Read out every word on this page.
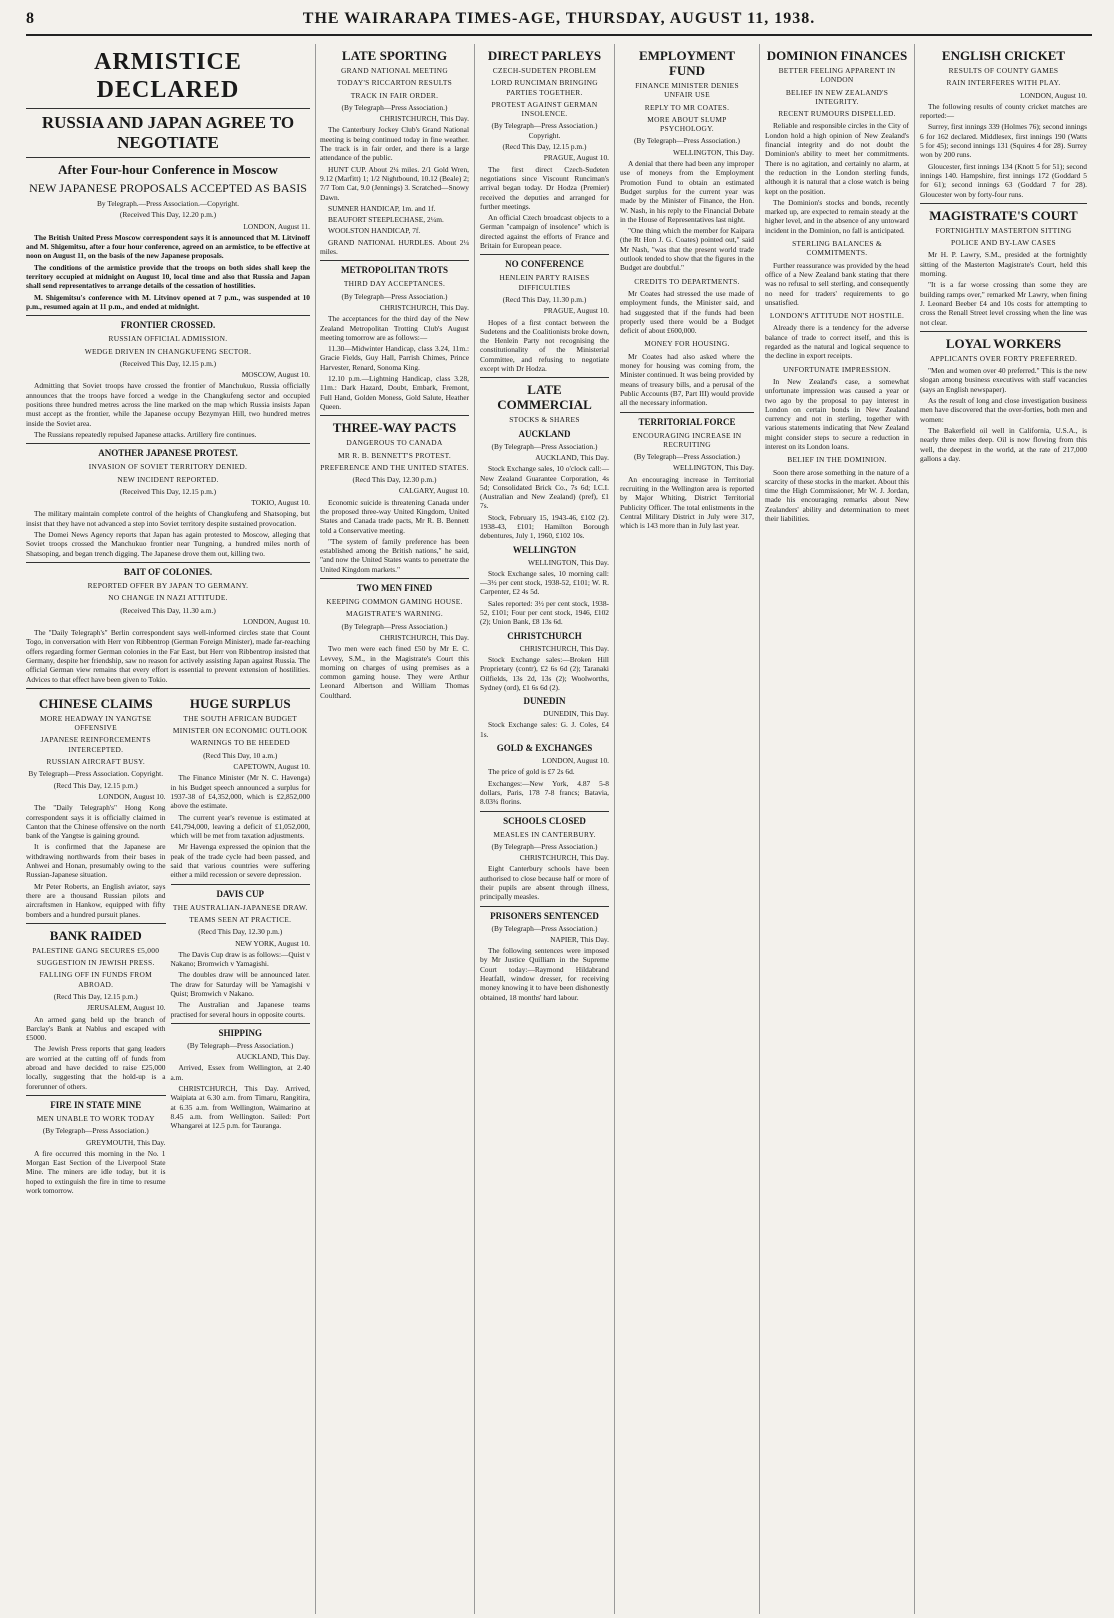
8	THE WAIRARAPA TIMES-AGE, THURSDAY, AUGUST 11, 1938.
ARMISTICE DECLARED
RUSSIA AND JAPAN AGREE TO NEGOTIATE
After Four-hour Conference in Moscow
NEW JAPANESE PROPOSALS ACCEPTED AS BASIS
By Telegraph.—Press Association.—Copyright.
(Received This Day, 12.20 p.m.)
LONDON, August 11.

The British United Press Moscow correspondent says it is announced that M. Litvinoff and M. Shigemitsu, after a four hour conference, agreed on an armistice, to be effective at noon on August 11, on the basis of the new Japanese proposals.

The conditions of the armistice provide that the troops on both sides shall keep the territory occupied at midnight on August 10, local time and also that Russia and Japan shall send representatives to arrange details of the cessation of hostilities.

M. Shigemitsu's conference with M. Litvinov opened at 7 p.m., was suspended at 10 p.m., resumed again at 11 p.m., and ended at midnight.

FRONTIER CROSSED.
RUSSIAN OFFICIAL ADMISSION.
WEDGE DRIVEN IN CHANGKUFENG SECTOR.
(Received This Day, 12.15 p.m.)
MOSCOW, August 10.

Admitting that Soviet troops have crossed the frontier of Manchukuo, Russia officially announces that the troops have forced a wedge in the Changkufeng sector and occupied positions three hundred metres across the line marked on the map which Russia insists Japan must accept as the frontier, while the Japanese occupy Bezymyan Hill, two hundred metres inside the Soviet area.

The Russians repeatedly repulsed Japanese attacks. Artillery fire continues.

ANOTHER JAPANESE PROTEST.
INVASION OF SOVIET TERRITORY DENIED.
NEW INCIDENT REPORTED.
(Received This Day, 12.15 p.m.)
TOKIO, August 10.

The military maintain complete control of the heights of Changkufeng and Shatsoping, but insist that they have not advanced a step into Soviet territory despite sustained provocation.

The Domei News Agency reports that Japan has again protested to Moscow, alleging that Soviet troops crossed the Manchukuo frontier near Tungning, a hundred miles north of Shatsoping, and began trench digging. The Japanese drove them out, killing two.

BAIT OF COLONIES.
REPORTED OFFER BY JAPAN TO GERMANY.
NO CHANGE IN NAZI ATTITUDE.
(Received This Day, 11.30 a.m.)
LONDON, August 10.

The "Daily Telegraph's" Berlin correspondent says well-informed circles state that Count Togo, in conversation with Herr von Ribbentrop (German Foreign Minister), made far-reaching offers regarding former German colonies in the Far East, but Herr von Ribbentrop insisted that Germany, despite her friendship, saw no reason for actively assisting Japan against Russia. The official German view remains that every effort is essential to prevent extension of hostilities. Advices to that effect have been given to Tokio.

CHINESE CLAIMS
MORE HEADWAY IN YANGTSE OFFENSIVE
JAPANESE REINFORCEMENTS INTERCEPTED.
RUSSIAN AIRCRAFT BUSY.
By Telegraph—Press Association. Copyright.
(Recd This Day, 12.15 p.m.)
LONDON, August 10.

The "Daily Telegraph's" Hong Kong correspondent says it is officially claimed in Canton that the Chinese offensive on the north bank of the Yangtse is gaining ground.

It is confirmed that the Japanese are withdrawing northwards from their bases in Anhwei and Honan, presumably owing to the Russian-Japanese situation.

Mr Peter Roberts, an English aviator, says there are a thousand Russian pilots and aircraftsmen in Hankow, equipped with fifty bombers and a hundred pursuit planes.

BANK RAIDED
PALESTINE GANG SECURES £5,000
SUGGESTION IN JEWISH PRESS.
FALLING OFF IN FUNDS FROM ABROAD.
(Recd This Day, 12.15 p.m.)
JERUSALEM, August 10.

An armed gang held up the branch of Barclay's Bank at Nablus and escaped with £5000.

The Jewish Press reports that gang leaders are worried at the cutting off of funds from abroad and have decided to raise £25,000 locally, suggesting that the hold-up is a forerunner of others.

FIRE IN STATE MINE
MEN UNABLE TO WORK TODAY
(By Telegraph—Press Association.)
GREYMOUTH, This Day.

A fire occurred this morning in the No. 1 Morgan East Section of the Liverpool State Mine. The miners are idle today, but it is hoped to extinguish the fire in time to resume work tomorrow.

HUGE SURPLUS
THE SOUTH AFRICAN BUDGET
MINISTER ON ECONOMIC OUTLOOK
WARNINGS TO BE HEEDED
(Recd This Day, 10 a.m.)
CAPETOWN, August 10.

The Finance Minister (Mr N. C. Havenga) in his Budget speech announced a surplus for 1937-38 of £4,352,000, which is £2,852,000 above the estimate.

The current year's revenue is estimated at £41,794,000, leaving a deficit of £1,052,000, which will be met from taxation adjustments.

Mr Havenga expressed the opinion that the peak of the trade cycle had been passed, and said that various countries were suffering either a mild recession or severe depression.

DAVIS CUP
THE AUSTRALIAN-JAPANESE DRAW.
TEAMS SEEN AT PRACTICE.
(Recd This Day, 12.30 p.m.)
NEW YORK, August 10.

The Davis Cup draw is as follows:—Quist v Nakano; Bromwich v Yamagishi.

The doubles draw will be announced later. The draw for Saturday will be Yamagishi v Quist; Bromwich v Nakano.

The Australian and Japanese teams practised for several hours in opposite courts.

SHIPPING
(By Telegraph—Press Association.)
AUCKLAND, This Day.

Arrived, Essex from Wellington, at 2.40 a.m.

CHRISTCHURCH, This Day. Arrived, Waipiata at 6.30 a.m. from Timaru, Rangitira, at 6.35 a.m. from Wellington, Waimarino at 8.45 a.m. from Wellington. Sailed: Port Whangarei at 12.5 p.m. for Tauranga.

LATE SPORTING
GRAND NATIONAL MEETING
TODAY'S RICCARTON RESULTS
TRACK IN FAIR ORDER.
(By Telegraph—Press Association.)
CHRISTCHURCH, This Day.

The Canterbury Jockey Club's Grand National meeting is being continued today in fine weather. The track is in fair order, and there is a large attendance of the public.

HUNT CUP. About 2¼ miles. 2/1 Gold Wren, 9.12 (Marfitt) 1; 1/2 Nightbound, 10.12 (Beale) 2; 7/7 Tom Cat, 9.0 (Jennings) 3. Scratched—Snowy Dawn.

SUMNER HANDICAP, 1m. and 1f.

BEAUFORT STEEPLECHASE, 2¼m.

WOOLSTON HANDICAP, 7f.

GRAND NATIONAL HURDLES. About 2¼ miles.

METROPOLITAN TROTS
THIRD DAY ACCEPTANCES.
(By Telegraph—Press Association.)
CHRISTCHURCH, This Day.

The acceptances for the third day of the New Zealand Metropolitan Trotting Club's August meeting tomorrow are as follows:—

11.30—Midwinter Handicap, class 3.24, 11m.: Gracie Fields, Guy Hall, Parrish Chimes, Prince Harvester, Renard, Sonoma King.

12.10 p.m.—Lightning Handicap, class 3.28, 11m.: Dark Hazard, Doubt, Embark, Fremont, Full Hand, Golden Moness, Gold Salute, Heather Queen.

THREE-WAY PACTS
DANGEROUS TO CANADA
MR R. B. BENNETT'S PROTEST.
PREFERENCE AND THE UNITED STATES.
(Recd This Day, 12.30 p.m.)
CALGARY, August 10.

Economic suicide is threatening Canada under the proposed three-way United Kingdom, United States and Canada trade pacts, Mr R. B. Bennett told a Conservative meeting.

"The system of family preference has been established among the British nations," he said, "and now the United States wants to penetrate the United Kingdom markets."

TWO MEN FINED
KEEPING COMMON GAMING HOUSE.
MAGISTRATE'S WARNING.
(By Telegraph—Press Association.)
CHRISTCHURCH, This Day.

Two men were each fined £50 by Mr E. C. Levvey, S.M., in the Magistrate's Court this morning on charges of using premises as a common gaming house. They were Arthur Leonard Albertson and William Thomas Coulthard.

DIRECT PARLEYS
CZECH-SUDETEN PROBLEM
LORD RUNCIMAN BRINGING PARTIES TOGETHER.
PROTEST AGAINST GERMAN INSOLENCE.
(By Telegraph—Press Association.) Copyright.
(Recd This Day, 12.15 p.m.)
PRAGUE, August 10.

The first direct Czech-Sudeten negotiations since Viscount Runciman's arrival began today. Dr Hodza (Premier) received the deputies and arranged for further meetings.

An official Czech broadcast objects to a German "campaign of insolence" which is directed against the efforts of France and Britain for European peace.

NO CONFERENCE
HENLEIN PARTY RAISES DIFFICULTIES
(Recd This Day, 11.30 p.m.)
PRAGUE, August 10.

Hopes of a first contact between the Sudetens and the Coalitionists broke down, the Henlein Party not recognising the constitutionality of the Ministerial Committee, and refusing to negotiate except with Dr Hodza.

LATE COMMERCIAL
STOCKS & SHARES
AUCKLAND
(By Telegraph—Press Association.)
AUCKLAND, This Day.

Stock Exchange sales, 10 o'clock call:—New Zealand Guarantee Corporation, 4s 5d; Consolidated Brick Co., 7s 6d; I.C.I. (Australian and New Zealand) (pref), £1 7s.

Stock, February 15, 1943-46, £102 (2). 1938-43, £101; Hamilton Borough debentures, July 1, 1960, £102 10s.

WELLINGTON
WELLINGTON, This Day.

Stock Exchange sales, 10 morning call:—3½ per cent stock, 1938-52, £101; W. R. Carpenter, £2 4s 5d.

Sales reported: 3½ per cent stock, 1938-52, £101; Four per cent stock, 1946, £102 (2); Union Bank, £8 13s 6d.

CHRISTCHURCH
CHRISTCHURCH, This Day.

Stock Exchange sales:—Broken Hill Proprietary (contr), £2 6s 6d (2); Taranaki Oilfields, 13s 2d, 13s (2); Woolworths, Sydney (ord), £1 6s 6d (2).

DUNEDIN
DUNEDIN, This Day.

Stock Exchange sales: G. J. Coles, £4 1s.

GOLD & EXCHANGES
LONDON, August 10.

The price of gold is £7 2s 6d.

Exchanges:—New York, 4.87 5-8 dollars, Paris, 178 7-8 francs; Batavia, 8.03¾ florins.

SCHOOLS CLOSED
MEASLES IN CANTERBURY.
(By Telegraph—Press Association.)
CHRISTCHURCH, This Day.

Eight Canterbury schools have been authorised to close because half or more of their pupils are absent through illness, principally measles.

PRISONERS SENTENCED
(By Telegraph—Press Association.)
NAPIER, This Day.

The following sentences were imposed by Mr Justice Quilliam in the Supreme Court today:—Raymond Hildabrand Heatfall, window dresser, for receiving money knowing it to have been dishonestly obtained, 18 months' hard labour.

EMPLOYMENT FUND
FINANCE MINISTER DENIES UNFAIR USE
REPLY TO MR COATES.
MORE ABOUT SLUMP PSYCHOLOGY.
(By Telegraph—Press Association.)
WELLINGTON, This Day.

A denial that there had been any improper use of moneys from the Employment Promotion Fund to obtain an estimated Budget surplus for the current year was made by the Minister of Finance, the Hon. W. Nash, in his reply to the Financial Debate in the House of Representatives last night.

"One thing which the member for Kaipara (the Rt Hon J. G. Coates) pointed out," said Mr Nash, "was that the present world trade outlook tended to show that the figures in the Budget are doubtful."

CREDITS TO DEPARTMENTS.

Mr Coates had stressed the use made of employment funds, the Minister said, and had suggested that if the funds had been properly used there would be a Budget deficit of about £600,000.

MONEY FOR HOUSING.

Mr Coates had also asked where the money for housing was coming from, the Minister continued. It was being provided by means of treasury bills, and a perusal of the Public Accounts (B7, Part III) would provide all the necessary information.

TERRITORIAL FORCE
ENCOURAGING INCREASE IN RECRUITING
(By Telegraph—Press Association.)
WELLINGTON, This Day.

An encouraging increase in Territorial recruiting in the Wellington area is reported by Major Whiting, District Territorial Publicity Officer. The total enlistments in the Central Military District in July were 317, which is 143 more than in July last year.

DOMINION FINANCES
BETTER FEELING APPARENT IN LONDON
BELIEF IN NEW ZEALAND'S INTEGRITY.
RECENT RUMOURS DISPELLED.

Reliable and responsible circles in the City of London hold a high opinion of New Zealand's financial integrity and do not doubt the Dominion's ability to meet her commitments. There is no agitation, and certainly no alarm, at the reduction in the London sterling funds, although it is natural that a close watch is being kept on the position.

The Dominion's stocks and bonds, recently marked up, are expected to remain steady at the higher level, and in the absence of any untoward incident in the Dominion, no fall is anticipated.

STERLING BALANCES & COMMITMENTS.

Further reassurance was provided by the head office of a New Zealand bank stating that there was no refusal to sell sterling, and consequently no need for traders' requirements to go unsatisfied.

LONDON'S ATTITUDE NOT HOSTILE.

Already there is a tendency for the adverse balance of trade to correct itself, and this is regarded as the natural and logical sequence to the decline in export receipts.

UNFORTUNATE IMPRESSION.

In New Zealand's case, a somewhat unfortunate impression was caused a year or two ago by the proposal to pay interest in London on certain bonds in New Zealand currency and not in sterling, together with various statements indicating that New Zealand might consider steps to secure a reduction in interest on its London loans.

BELIEF IN THE DOMINION.

Soon there arose something in the nature of a scarcity of these stocks in the market. About this time the High Commissioner, Mr W. J. Jordan, made his encouraging remarks about New Zealanders' ability and determination to meet their liabilities.

ENGLISH CRICKET
RESULTS OF COUNTY GAMES
RAIN INTERFERES WITH PLAY.
LONDON, August 10.

The following results of county cricket matches are reported:—

Surrey, first innings 339 (Holmes 76); second innings 6 for 162 declared. Middlesex, first innings 190 (Watts 5 for 45); second innings 131 (Squires 4 for 28). Surrey won by 200 runs.

Gloucester, first innings 134 (Knott 5 for 51); second innings 140. Hampshire, first innings 172 (Goddard 5 for 61); second innings 63 (Goddard 7 for 28). Gloucester won by forty-four runs.

MAGISTRATE'S COURT
FORTNIGHTLY MASTERTON SITTING
POLICE AND BY-LAW CASES

Mr H. P. Lawry, S.M., presided at the fortnightly sitting of the Masterton Magistrate's Court, held this morning.

"It is a far worse crossing than some they are building ramps over," remarked Mr Lawry, when fining J. Leonard Beeber £4 and 10s costs for attempting to cross the Renall Street level crossing when the line was not clear.

LOYAL WORKERS
APPLICANTS OVER FORTY PREFERRED.

"Men and women over 40 preferred." This is the new slogan among business executives with staff vacancies (says an English newspaper).

As the result of long and close investigation business men have discovered that the over-forties, both men and women:

The Bakerfield oil well in California, U.S.A., is nearly three miles deep. Oil is now flowing from this well, the deepest in the world, at the rate of 217,000 gallons a day.
